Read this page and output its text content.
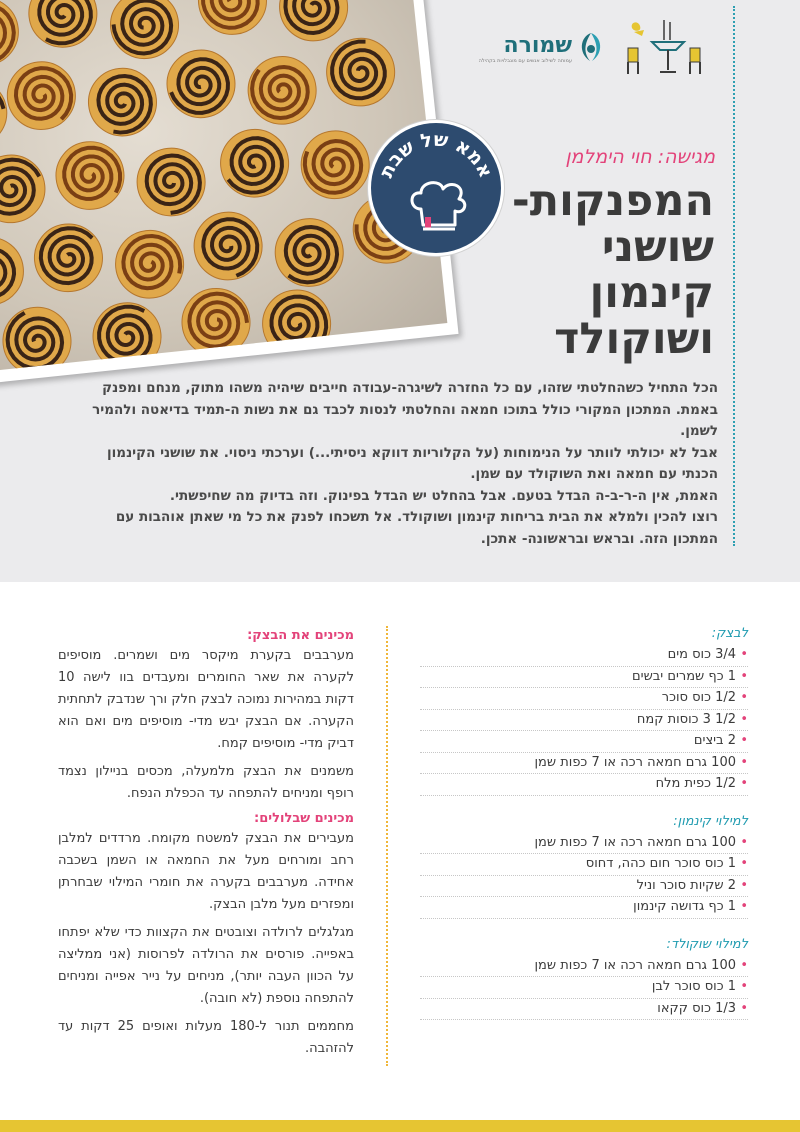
אמא של שבת
שמורה
עמותה לשילוב אנשים עם מוגבלויות בקהילה
מגישה: חוי הימלמן
המפנקות- שושני קינמון ושוקולד

הכל התחיל כשהחלטתי שזהו, עם כל החזרה לשיגרה-עבודה חייבים שיהיה משהו מתוק, מנחם ומפנק באמת. המתכון המקורי כולל בתוכו חמאה והחלטתי לנסות לכבד גם את נשות ה-תמיד בדיאטה ולהמיר לשמן.

אבל לא יכולתי לוותר על הנימוחות (על הקלוריות דווקא ניסיתי...) וערכתי ניסוי. את שושני הקינמון הכנתי עם חמאה ואת השוקולד עם שמן.

האמת, אין ה-ר-ב-ה הבדל בטעם. אבל בהחלט יש הבדל בפינוק. וזה בדיוק מה שחיפשתי.

רוצו להכין ולמלא את הבית בריחות קינמון ושוקולד. אל תשכחו לפנק את כל מי שאתן אוהבות עם המתכון הזה. ובראש ובראשונה- אתכן.

לבצק:
• 3/4 כוס מים
• 1 כף שמרים יבשים
• 1/2 כוס סוכר
• 1/2 3 כוסות קמח
• 2 ביצים
• 100 גרם חמאה רכה או 7 כפות שמן
• 1/2 כפית מלח
למילוי קינמון:
• 100 גרם חמאה רכה או 7 כפות שמן
• 1 כוס סוכר חום כהה, דחוס
• 2 שקיות סוכר וניל
• 1 כף גדושה קינמון
למילוי שוקולד:
• 100 גרם חמאה רכה או 7 כפות שמן
• 1 כוס סוכר לבן
• 1/3 כוס קקאו
מכינים את הבצק:

מערבבים בקערת מיקסר מים ושמרים. מוסיפים לקערה את שאר החומרים ומעבדים בוו לישה 10 דקות במהירות נמוכה לבצק חלק ורך שנדבק לתחתית הקערה. אם הבצק יבש מדי- מוסיפים מים ואם הוא דביק מדי- מוסיפים קמח.

משמנים את הבצק מלמעלה, מכסים בניילון נצמד רופף ומניחים להתפחה עד הכפלת הנפח.

מכינים שבלולים:

מעבירים את הבצק למשטח מקומח. מרדדים למלבן רחב ומורחים מעל את החמאה או השמן בשכבה אחידה. מערבבים בקערה את חומרי המילוי שבחרתן ומפזרים מעל מלבן הבצק.

מגלגלים לרולדה וצובטים את הקצוות כדי שלא יפתחו באפייה. פורסים את הרולדה לפרוסות (אני ממליצה על הכוון העבה יותר), מניחים על נייר אפייה ומניחים להתפחה נוספת (לא חובה).

מחממים תנור ל-180 מעלות ואופים 25 דקות עד להזהבה.
